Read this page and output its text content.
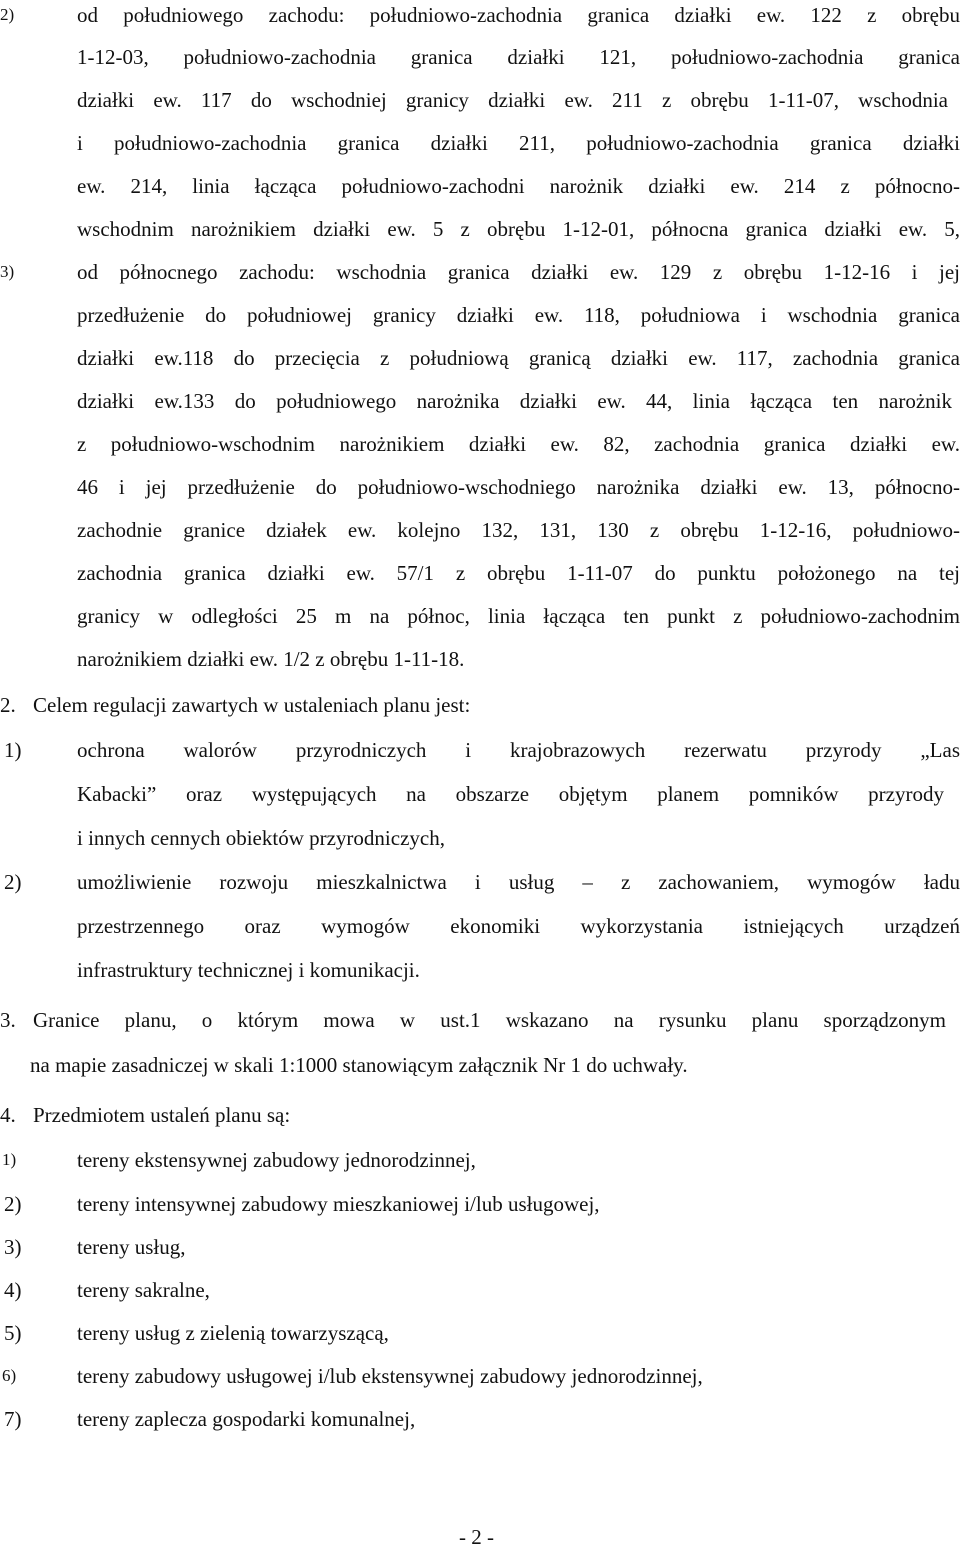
2)	od południowego zachodu: południowo-zachodnia granica działki ew. 122 z obrębu
1-12-03, południowo-zachodnia granica działki 121, południowo-zachodnia granica
działki ew. 117 do wschodniej granicy działki ew. 211 z obrębu 1-11-07, wschodnia
i południowo-zachodnia granica działki 211, południowo-zachodnia granica działki
ew. 214, linia łącząca południowo-zachodni narożnik działki ew. 214 z północno-
wschodnim narożnikiem działki ew. 5 z obrębu 1-12-01, północna granica działki ew. 5,
3)	od północnego zachodu: wschodnia granica działki ew. 129 z obrębu 1-12-16 i jej
przedłużenie do południowej granicy działki ew. 118, południowa i wschodnia granica
działki ew.118 do przecięcia z południową granicą działki ew. 117, zachodnia granica
działki ew.133 do południowego narożnika działki ew. 44, linia łącząca ten narożnik
z południowo-wschodnim narożnikiem działki ew. 82, zachodnia granica działki ew.
46 i jej przedłużenie do południowo-wschodniego narożnika działki ew. 13, północno-
zachodnie granice działek ew. kolejno 132, 131, 130 z obrębu 1-12-16, południowo-
zachodnia granica działki ew. 57/1 z obrębu 1-11-07 do punktu położonego na tej
granicy w odległości 25 m na północ, linia łącząca ten punkt z południowo-zachodnim
narożnikiem działki ew. 1/2 z obrębu 1-11-18.
2. Celem regulacji zawartych w ustaleniach planu jest:
1)	ochrona walorów przyrodniczych i krajobrazowych rezerwatu przyrody „Las
Kabacki” oraz występujących na obszarze objętym planem pomników przyrody
i innych cennych obiektów przyrodniczych,
2)	umożliwienie rozwoju mieszkalnictwa i usług – z zachowaniem, wymogów ładu
przestrzennego oraz wymogów ekonomiki wykorzystania istniejących urządzeń
infrastruktury technicznej i komunikacji.
3. Granice planu, o którym mowa w ust.1 wskazano na rysunku planu sporządzonym
na mapie zasadniczej w skali 1:1000 stanowiącym załącznik Nr 1 do uchwały.
4. Przedmiotem ustaleń planu są:
1)	tereny ekstensywnej zabudowy jednorodzinnej,
2)	tereny intensywnej zabudowy mieszkaniowej i/lub usługowej,
3)	tereny usług,
4)	tereny sakralne,
5)	tereny usług z zielenią towarzyszącą,
6)	tereny zabudowy usługowej i/lub ekstensywnej zabudowy jednorodzinnej,
7)	tereny zaplecza gospodarki komunalnej,
- 2 -
